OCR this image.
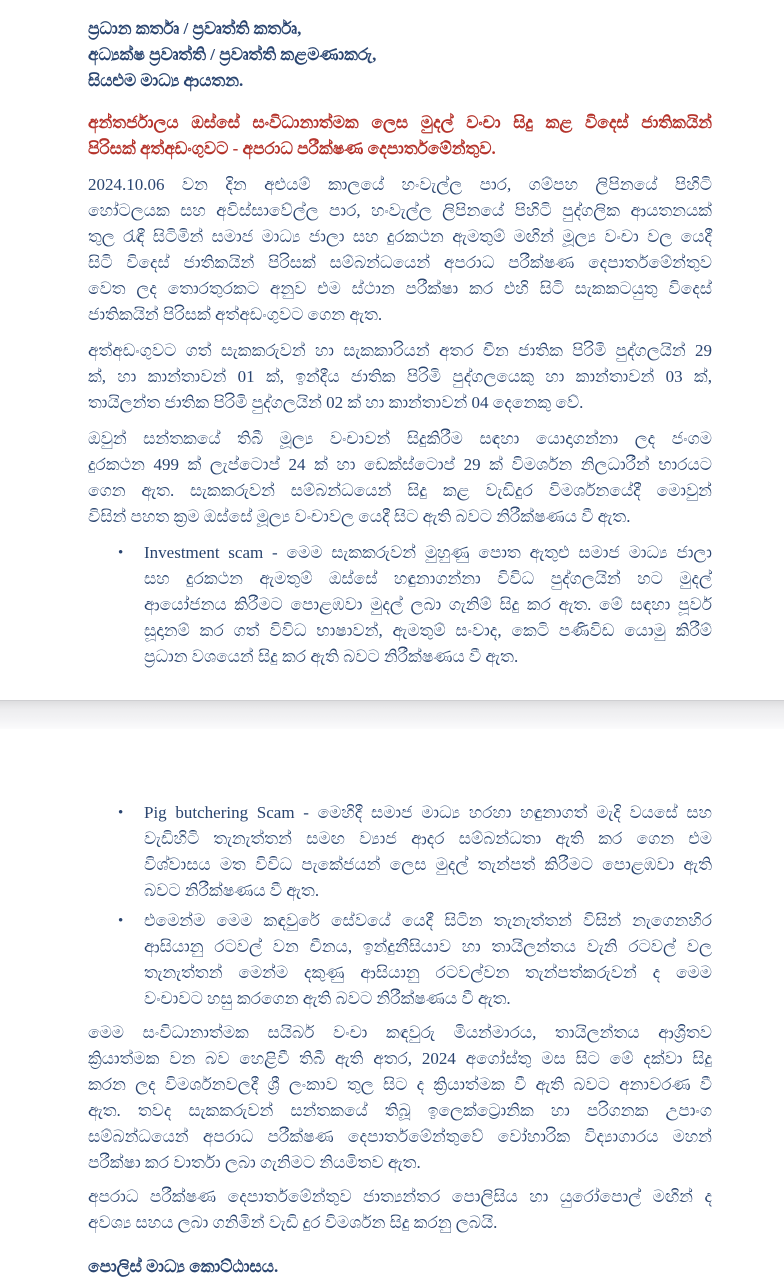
ප්‍රධාන කර්තෘ / ප්‍රවෘත්ති කර්තෘ,
අධ්‍යක්ෂ ප්‍රවෘත්ති / ප්‍රවෘත්ති කළමණාකරු,
සියළුම මාධ්‍ය ආයතන.
අන්තර්ජාලය ඔස්සේ සංවිධානාත්මක ලෙස මුදල් වංචා සිදු කළ විදෙස් ජාතිකයින්
පිරිසක් අත්අඩංගුවට - අපරාධ පරීක්ෂණ දෙපාර්තමේන්තුව.
2024.10.06 වන දින අළුයම් කාලයේ හංවැල්ල පාර, ගම්පහ ලිපිනයේ පිහිටි
හෝටලයක සහ අවිස්සාවේල්ල පාර, හංවැල්ල ලිපිනයේ පිහිටි පුද්ගලික ආයතනයක්
තුල රැඳී සිටිමින් සමාජ මාධ්‍ය ජාලා සහ දුරකථන ඇමතුම් මඟින් මූල්‍ය වංචා වල යෙදී
සිටි විදෙස් ජාතිකයින් පිරිසක් සම්බන්ධයෙන් අපරාධ පරීක්ෂණ දෙපාර්තමේන්තුව
වෙත ලද තොරතුරකට අනුව එම ස්ථාන පරීක්ෂා කර එහි සිටි සැකකටයුතු විදෙස්
ජාතිකයින් පිරිසක් අත්අඩංගුවට ගෙන ඇත.
අත්අඩංගුවට ගත් සැකකරුවන් හා සැකකාරියන් අතර චීන ජාතික පිරිමි පුද්ගලයින් 29
ක්, හා කාන්තාවන් 01 ක්, ඉන්දීය ජාතික පිරිමි පුද්ගලයෙකු හා කාන්තාවන් 03 ක්,
තායිලන්ත ජාතික පිරිමි පුද්ගලයින් 02 ක් හා කාන්තාවන් 04 දෙනෙකු වේ.
ඔවුන් සන්තකයේ තිබී මූල්‍ය වංචාවන් සිදුකිරීම සඳහා යොදාගන්නා ලද ජංගම
දුරකථන 499 ක් ලැප්ටොප් 24 ක් හා ඩෙක්ස්ටොප් 29 ක් විමර්ශන නිලධාරීන් භාරයට
ගෙන ඇත. සැකකරුවන් සම්බන්ධයෙන් සිදු කළ වැඩිදුර විමර්ශනයේදී මොවුන්
විසින් පහත ක්‍රම ඔස්සේ මූල්‍ය වංචාවල යෙදී සිට ඇති බවට නිරීක්ෂණය වී ඇත.
•	Investment scam - මෙම සැකකරුවන් මුහුණු පොත ඇතුළු සමාජ මාධ්‍ය ජාලා
සහ දුරකථන ඇමතුම් ඔස්සේ හඳුනාගන්නා විවිධ පුද්ගලයින් හට මුදල්
ආයෝජනය කිරීමට පොළඹවා මුදල් ලබා ගැනිම් සිදු කර ඇත. මේ සඳහා පූර්ව
සූදානම් කර ගත් විවිධ භාෂාවන්, ඇමතුම් සංවාද, කෙටි පණිවිඩ යොමු කිරීම්
ප්‍රධාන වශයෙන් සිදු කර ඇති බවට නිරීක්ෂණය වී ඇත.
•	Pig butchering Scam - මෙහිදී සමාජ මාධ්‍ය හරහා හඳුනාගත් මැදි වයසේ සහ
වැඩිහිටි තැනැත්තන් සමඟ ව්‍යාජ ආදර සම්බන්ධතා ඇති කර ගෙන එම
විශ්වාසය මත විවිධ පැකේජයන් ලෙස මුදල් තැන්පත් කිරීමට පොළඹවා ඇති
බවට නිරීක්ෂණය වී ඇත.
•	එමෙන්ම මෙම කඳවුරේ සේවයේ යෙදී සිටින තැනැත්තන් විසින් නැගෙනහිර
ආසියානු රටවල් වන චීනය, ඉන්දුනීසියාව හා තායිලන්තය වැනි රටවල් වල
තැනැත්තන් මෙන්ම දකුණු ආසියානු රටවල්වන තැන්පත්කරුවන් ද මෙම
වංචාවට හසු කරගෙන ඇති බවට නිරීක්ෂණය වී ඇත.
මෙම සංවිධානාත්මක සයිබර් වංචා කඳවුරු මියන්මාරය, තායිලන්තය ආශ්‍රිතව
ක්‍රියාත්මක වන බව හෙළිවී තිබී ඇති අතර, 2024 අගෝස්තු මස සිට මේ දක්වා සිදු
කරන ලද විමර්ශනවලදී ශ්‍රී ලංකාව තුල සිට ද ක්‍රියාත්මක වී ඇති බවට අනාවරණ වී
ඇත. තවද සැකකරුවන් සන්තකයේ තිබූ ඉලෙක්ට්‍රොනික හා පරිගනක උපාංග
සම්බන්ධයෙන් අපරාධ පරීක්ෂණ දෙපාර්තමේන්තුවේ වෝහාරික විද්‍යාගාරය මහන්
පරීක්ෂා කර වාර්තා ලබා ගැනිමට නියමිතව ඇත.
අපරාධ පරීක්ෂණ දෙපාර්තමේන්තුව ජාත්‍යන්තර පොලිසිය හා යුරෝපොල් මඟින් ද
අවශ්‍ය සහය ලබා ගනිමින් වැඩි දුර විමර්ශන සිදු කරනු ලබයි.
පොලිස් මාධ්‍ය කොට්ඨාසය.
